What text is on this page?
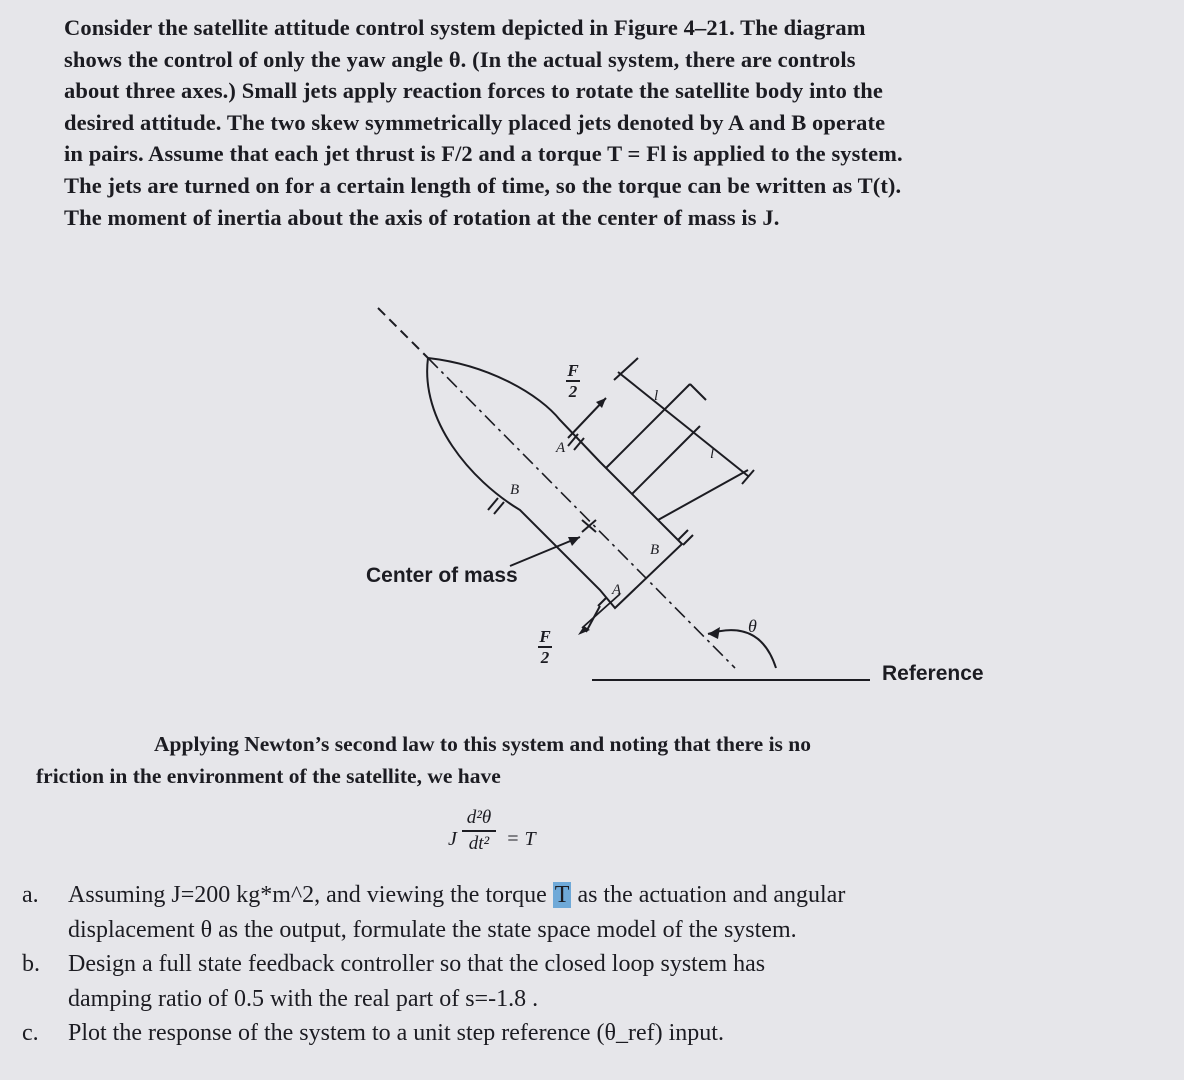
Consider the satellite attitude control system depicted in Figure 4–21. The diagram
shows the control of only the yaw angle θ. (In the actual system, there are controls
about three axes.) Small jets apply reaction forces to rotate the satellite body into the
desired attitude. The two skew symmetrically placed jets denoted by A and B operate
in pairs. Assume that each jet thrust is F/2 and a torque T = Fl is applied to the system.
The jets are turned on for a certain length of time, so the torque can be written as T(t).
The moment of inertia about the axis of rotation at the center of mass is J.
Center of mass
Reference
θ
B
A
B
A
l
l
F
2
F
2
Applying Newton’s second law to this system and noting that there is no
friction in the environment of the satellite, we have
J
d²θ
dt² = T
a.	Assuming J=200 kg*m^2, and viewing the torque T as the actuation and angular
displacement θ as the output, formulate the state space model of the system.
b.	Design a full state feedback controller so that the closed loop system has
damping ratio of 0.5 with the real part of s=-1.8 .
c.	Plot the response of the system to a unit step reference (θ_ref) input.
